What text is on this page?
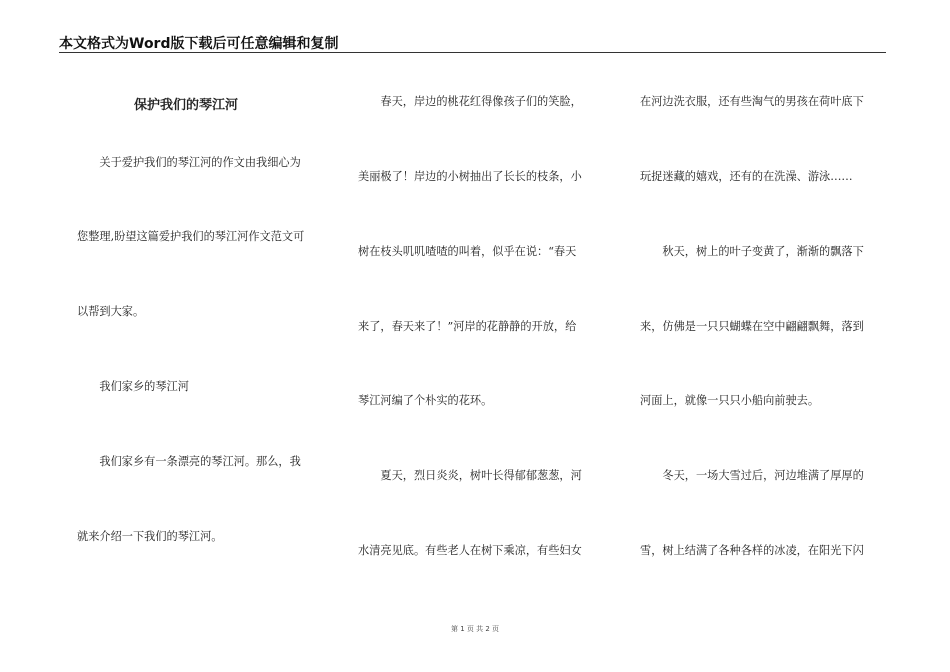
本文格式为Word版下载后可任意编辑和复制
保护我们的琴江河

　　关于爱护我们的琴江河的作文由我细心为

您整理,盼望这篇爱护我们的琴江河作文范文可

以帮到大家。

　　我们家乡的琴江河

　　我们家乡有一条漂亮的琴江河。那么，我

就来介绍一下我们的琴江河。

　　春天，岸边的桃花红得像孩子们的笑脸，

美丽极了！岸边的小树抽出了长长的枝条，小

树在枝头叽叽喳喳的叫着，似乎在说：“春天

来了，春天来了！”河岸的花静静的开放，给

琴江河编了个朴实的花环。

　　夏天，烈日炎炎，树叶长得郁郁葱葱，河

水清亮见底。有些老人在树下乘凉，有些妇女

在河边洗衣服，还有些淘气的男孩在荷叶底下

玩捉迷藏的嬉戏，还有的在洗澡、游泳……

　　秋天，树上的叶子变黄了，渐渐的飘落下

来，仿佛是一只只蝴蝶在空中翩翩飘舞，落到

河面上，就像一只只小船向前驶去。

　　冬天，一场大雪过后，河边堆满了厚厚的

雪，树上结满了各种各样的冰凌，在阳光下闪

第 1 页 共 2 页
